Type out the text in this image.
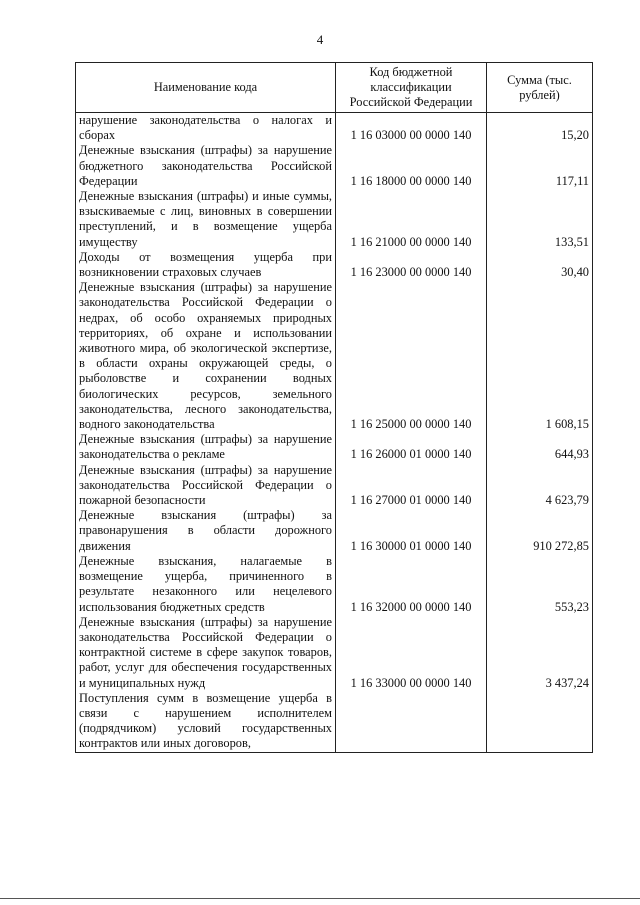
4
Наименование кода	Код бюджетной классификации Российской Федерации	Сумма (тыс. рублей)
нарушение законодательства о налогах и сборах	1 16 03000 00 0000 140	15,20
Денежные взыскания (штрафы) за нарушение бюджетного законодательства Российской Федерации	1 16 18000 00 0000 140	117,11
Денежные взыскания (штрафы) и иные суммы, взыскиваемые с лиц, виновных в совершении преступлений, и в возмещение ущерба имуществу	1 16 21000 00 0000 140	133,51
Доходы от возмещения ущерба при возникновении страховых случаев	1 16 23000 00 0000 140	30,40
Денежные взыскания (штрафы) за нарушение законодательства Российской Федерации о недрах, об особо охраняемых природных территориях, об охране и использовании животного мира, об экологической экспертизе, в области охраны окружающей среды, о рыболовстве и сохранении водных биологических ресурсов, земельного законодательства, лесного законодательства, водного законодательства	1 16 25000 00 0000 140	1 608,15
Денежные взыскания (штрафы) за нарушение законодательства о рекламе	1 16 26000 01 0000 140	644,93
Денежные взыскания (штрафы) за нарушение законодательства Российской Федерации о пожарной безопасности	1 16 27000 01 0000 140	4 623,79
Денежные взыскания (штрафы) за правонарушения в области дорожного движения	1 16 30000 01 0000 140	910 272,85
Денежные взыскания, налагаемые в возмещение ущерба, причиненного в результате незаконного или нецелевого использования бюджетных средств	1 16 32000 00 0000 140	553,23
Денежные взыскания (штрафы) за нарушение законодательства Российской Федерации о контрактной системе в сфере закупок товаров, работ, услуг для обеспечения государственных и муниципальных нужд	1 16 33000 00 0000 140	3 437,24
Поступления сумм в возмещение ущерба в связи с нарушением исполнителем (подрядчиком) условий государственных контрактов или иных договоров,		
